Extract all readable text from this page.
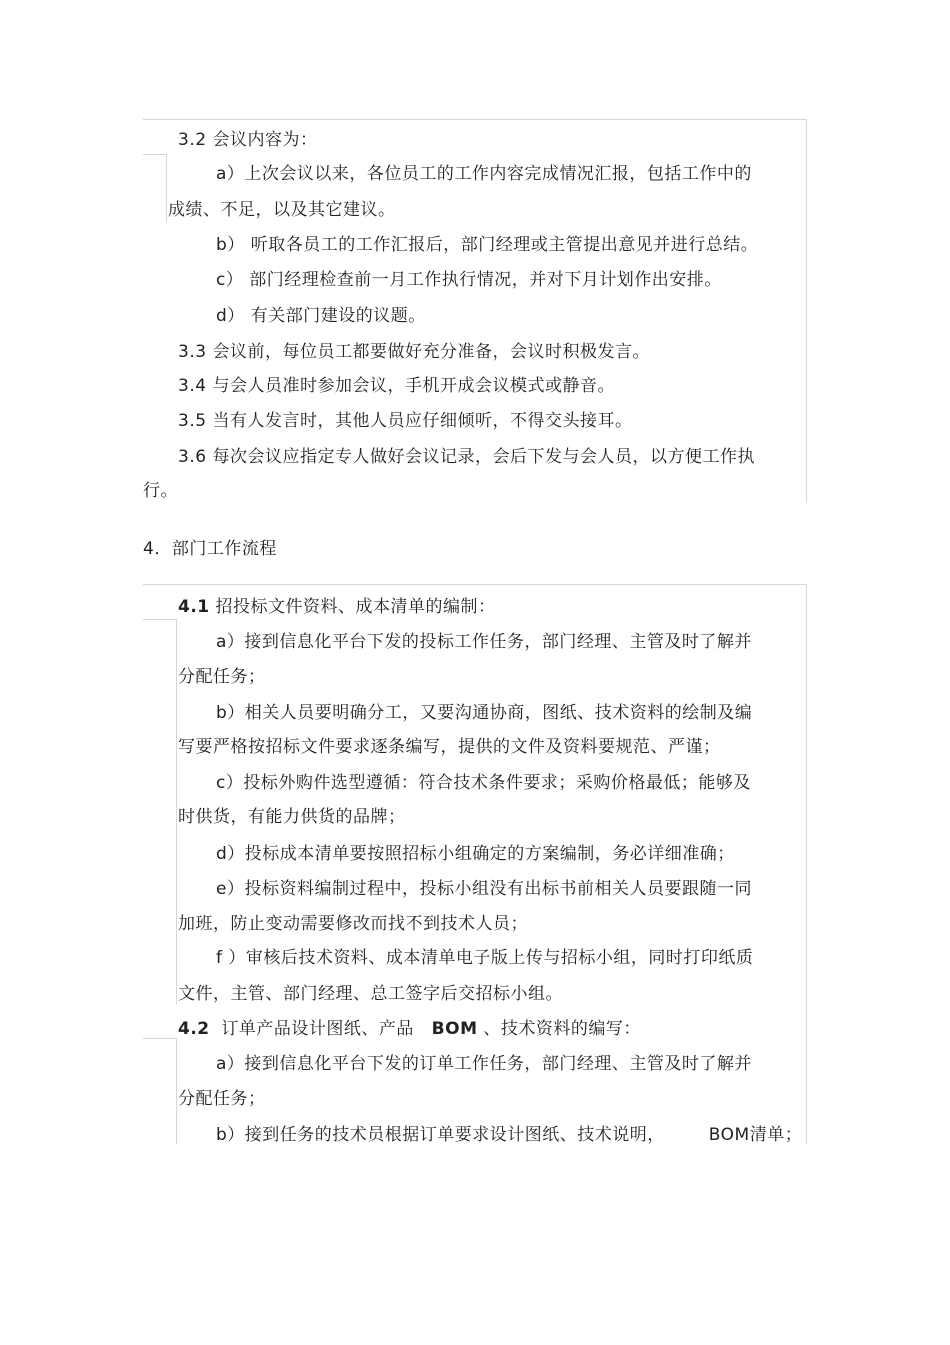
3.2 会议内容为：
a）上次会议以来，各位员工的工作内容完成情况汇报，包括工作中的
成绩、不足，以及其它建议。
b） 听取各员工的工作汇报后，部门经理或主管提出意见并进行总结。
c） 部门经理检查前一月工作执行情况，并对下月计划作出安排。
d） 有关部门建设的议题。
3.3 会议前，每位员工都要做好充分准备，会议时积极发言。
3.4 与会人员准时参加会议，手机开成会议模式或静音。
3.5 当有人发言时，其他人员应仔细倾听，不得交头接耳。
3.6 每次会议应指定专人做好会议记录，会后下发与会人员，以方便工作执
行。
4．部门工作流程
4.1 招投标文件资料、成本清单的编制：
a）接到信息化平台下发的投标工作任务，部门经理、主管及时了解并
分配任务；
b）相关人员要明确分工，又要沟通协商，图纸、技术资料的绘制及编
写要严格按招标文件要求逐条编写，提供的文件及资料要规范、严谨；
c）投标外购件选型遵循：符合技术条件要求；采购价格最低；能够及
时供货，有能力供货的品牌；
d）投标成本清单要按照招标小组确定的方案编制，务必详细准确；
e）投标资料编制过程中，投标小组没有出标书前相关人员要跟随一同
加班，防止变动需要修改而找不到技术人员；
f ）审核后技术资料、成本清单电子版上传与招标小组，同时打印纸质
文件，主管、部门经理、总工签字后交招标小组。
4.2  订单产品设计图纸、产品   BOM 、技术资料的编写：
a）接到信息化平台下发的订单工作任务，部门经理、主管及时了解并
分配任务；
b）接到任务的技术员根据订单要求设计图纸、技术说明，	BOM清单；
